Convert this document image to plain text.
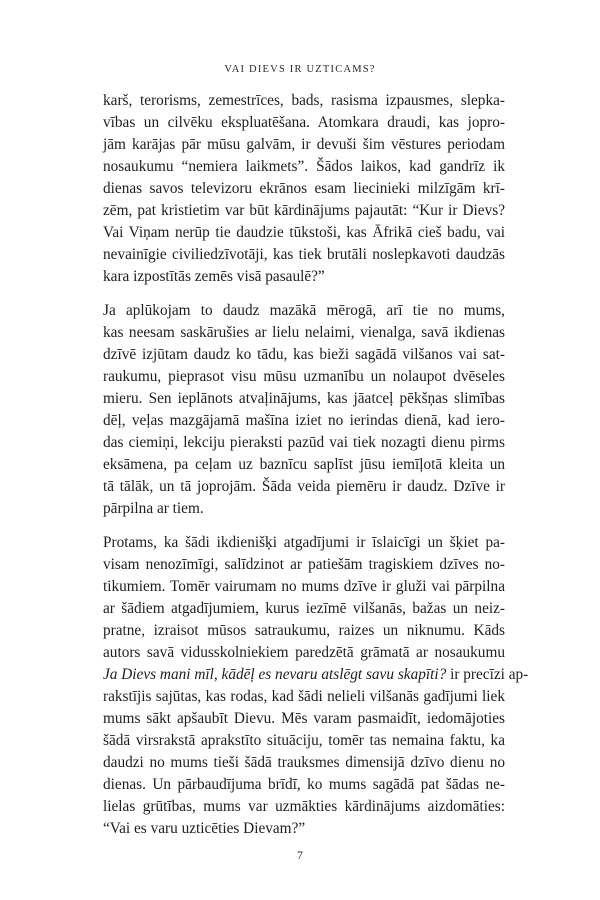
VAI DIEVS IR UZTICAMS?

karš, terorisms, zemestrīces, bads, rasisma izpausmes, slepka-
vības un cilvēku ekspluatēšana. Atomkara draudi, kas jopro-
jām karājas pār mūsu galvām, ir devuši šim vēstures periodam
nosaukumu “nemiera laikmets”. Šādos laikos, kad gandrīz ik
dienas savos televizoru ekrānos esam liecinieki milzīgām krī-
zēm, pat kristietim var būt kārdinājums pajautāt: “Kur ir Dievs?
Vai Viņam nerūp tie daudzie tūkstoši, kas Āfrikā cieš badu, vai
nevainīgie civiliedzīvotāji, kas tiek brutāli noslepkavoti daudzās
kara izpostītās zemēs visā pasaulē?”

Ja aplūkojam to daudz mazākā mērogā, arī tie no mums,
kas neesam saskārušies ar lielu nelaimi, vienalga, savā ikdienas
dzīvē izjūtam daudz ko tādu, kas bieži sagādā vilšanos vai sat-
raukumu, pieprasot visu mūsu uzmanību un nolaupot dvēseles
mieru. Sen ieplānots atvaļinājums, kas jāatceļ pēkšņas slimības
dēļ, veļas mazgājamā mašīna iziet no ierindas dienā, kad iero-
das ciemiņi, lekciju pieraksti pazūd vai tiek nozagti dienu pirms
eksāmena, pa ceļam uz baznīcu saplīst jūsu iemīļotā kleita un
tā tālāk, un tā joprojām. Šāda veida piemēru ir daudz. Dzīve ir
pārpilna ar tiem.

Protams, ka šādi ikdienišķi atgadījumi ir īslaicīgi un šķiet pa-
visam nenozīmīgi, salīdzinot ar patiešām tragiskiem dzīves no-
tikumiem. Tomēr vairumam no mums dzīve ir gluži vai pārpilna
ar šādiem atgadījumiem, kurus iezīmē vilšanās, bažas un neiz-
pratne, izraisot mūsos satraukumu, raizes un niknumu. Kāds
autors savā vidusskolniekiem paredzētā grāmatā ar nosaukumu
Ja Dievs mani mīl, kādēļ es nevaru atslēgt savu skapīti? ir precīzi ap-
rakstījis sajūtas, kas rodas, kad šādi nelieli vilšanās gadījumi liek
mums sākt apšaubīt Dievu. Mēs varam pasmaidīt, iedomājoties
šādā virsrakstā aprakstīto situāciju, tomēr tas nemaina faktu, ka
daudzi no mums tieši šādā trauksmes dimensijā dzīvo dienu no
dienas. Un pārbaudījuma brīdī, ko mums sagādā pat šādas ne-
lielas grūtības, mums var uzmākties kārdinājums aizdomāties:
“Vai es varu uzticēties Dievam?”

7
